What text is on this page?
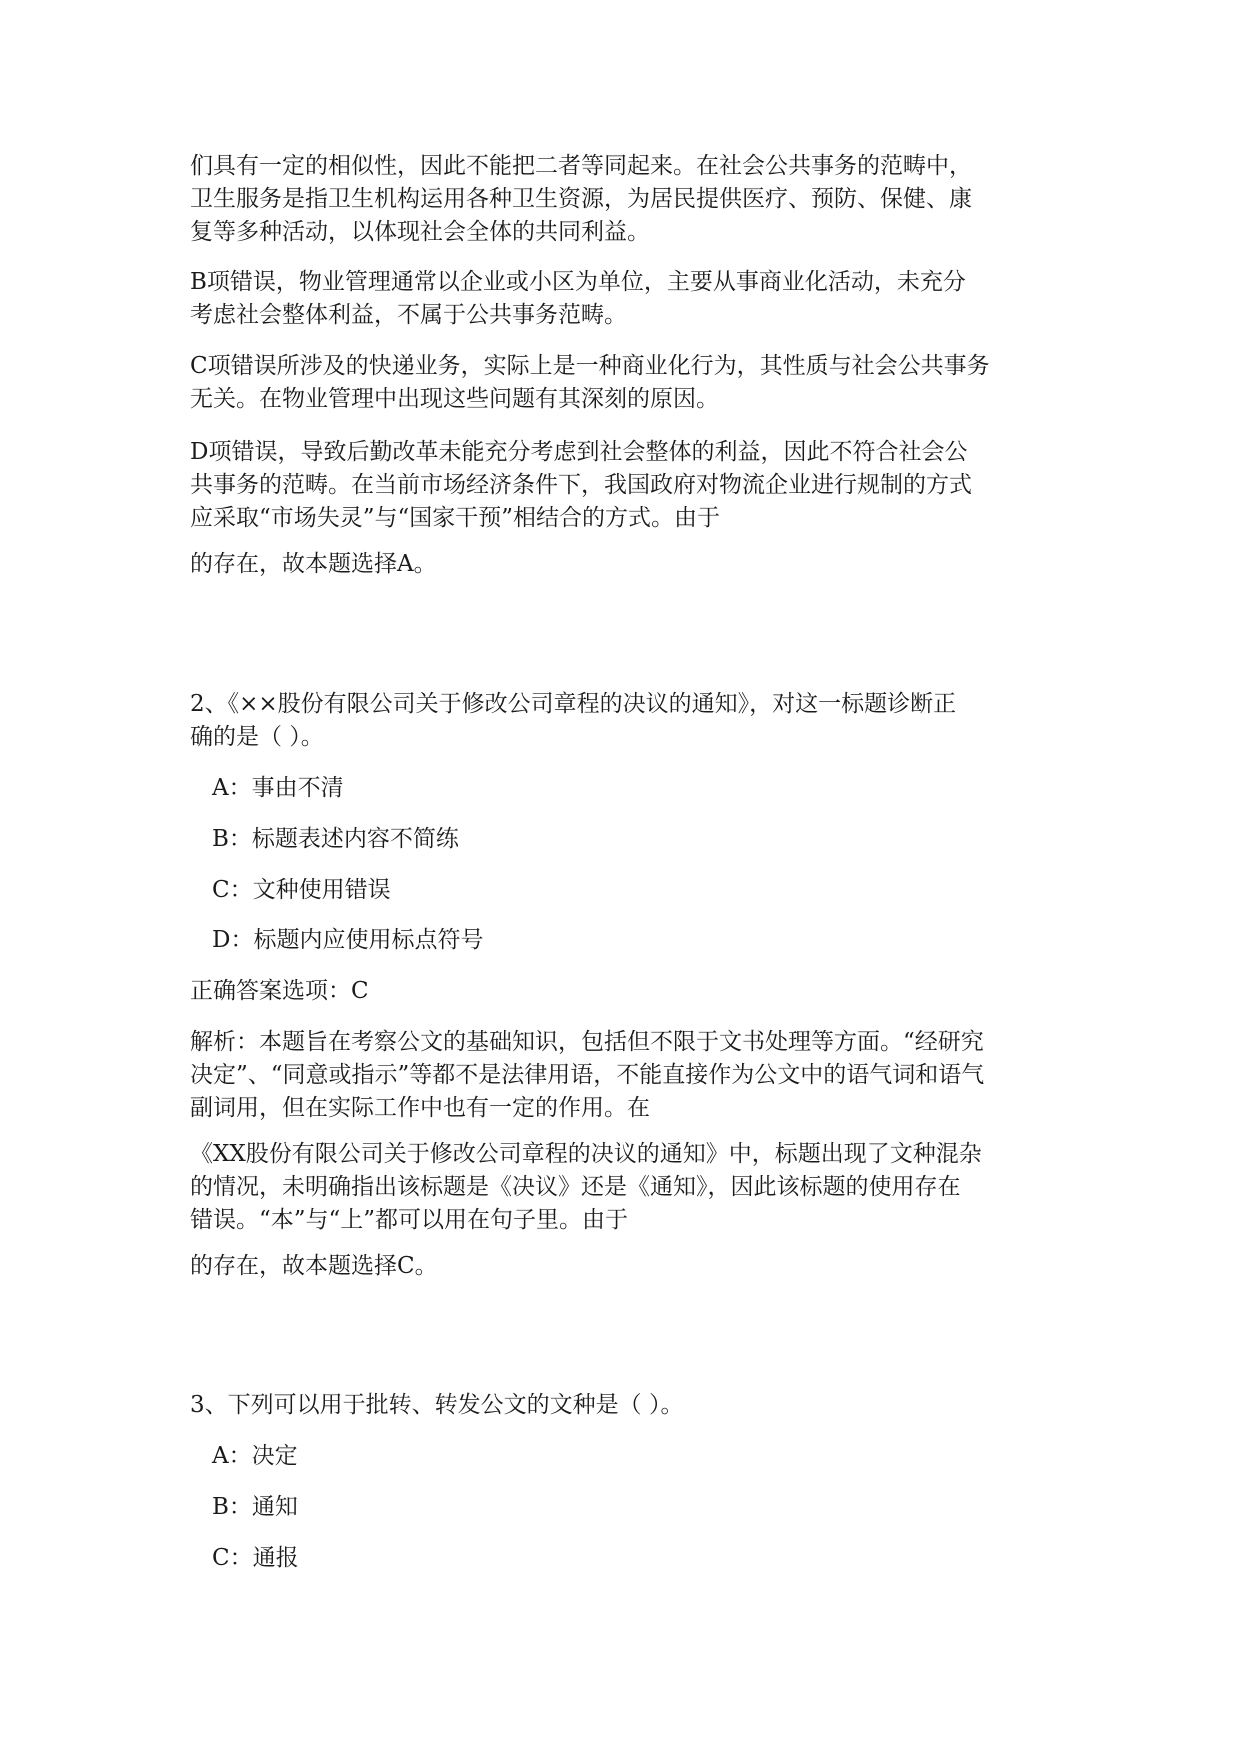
们具有一定的相似性，因此不能把二者等同起来。在社会公共事务的范畴中，
卫生服务是指卫生机构运用各种卫生资源，为居民提供医疗、预防、保健、康
复等多种活动，以体现社会全体的共同利益。
B项错误，物业管理通常以企业或小区为单位，主要从事商业化活动，未充分
考虑社会整体利益，不属于公共事务范畴。
C项错误所涉及的快递业务，实际上是一种商业化行为，其性质与社会公共事务
无关。在物业管理中出现这些问题有其深刻的原因。
D项错误，导致后勤改革未能充分考虑到社会整体的利益，因此不符合社会公
共事务的范畴。在当前市场经济条件下，我国政府对物流企业进行规制的方式
应采取“市场失灵”与“国家干预”相结合的方式。由于
的存在，故本题选择A。
2、《××股份有限公司关于修改公司章程的决议的通知》，对这一标题诊断正
确的是（ ）。
A：事由不清
B：标题表述内容不简练
C：文种使用错误
D：标题内应使用标点符号
正确答案选项：C
解析：本题旨在考察公文的基础知识，包括但不限于文书处理等方面。“经研究
决定”、“同意或指示”等都不是法律用语，不能直接作为公文中的语气词和语气
副词用，但在实际工作中也有一定的作用。在
《XX股份有限公司关于修改公司章程的决议的通知》中，标题出现了文种混杂
的情况，未明确指出该标题是《决议》还是《通知》，因此该标题的使用存在
错误。“本”与“上”都可以用在句子里。由于
的存在，故本题选择C。
3、下列可以用于批转、转发公文的文种是（ ）。
A：决定
B：通知
C：通报
